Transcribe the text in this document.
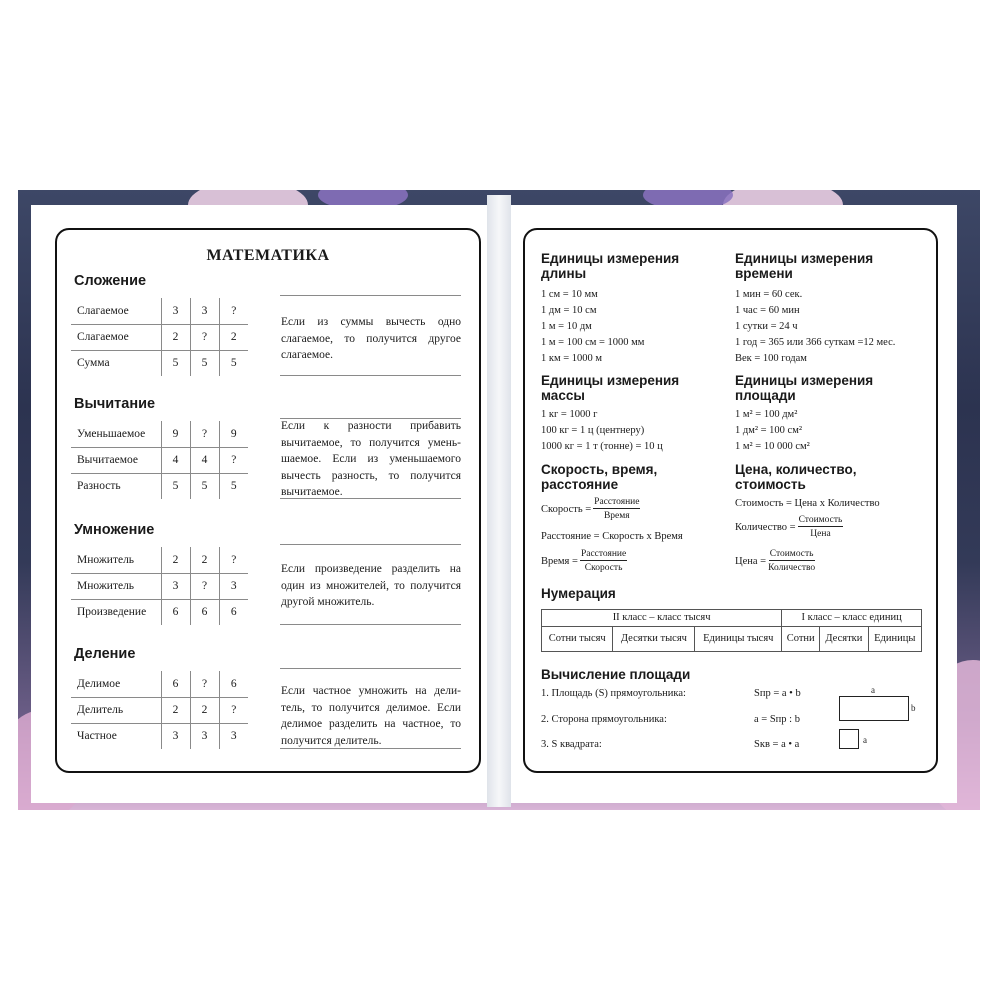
МАТЕМАТИКА
Сложение
Слагаемое	3	3	?
Слагаемое	2	?	2
Сумма	5	5	5
Если из суммы вычесть одно слагаемое, то получится другое слагаемое.
Вычитание
Уменьшаемое	9	?	9
Вычитаемое	4	4	?
Разность	5	5	5
Если к разности прибавить вычитаемое, то получится уменьшаемое. Если из уменьшаемого вычесть разность, то получится вычитаемое.
Умножение
Множитель	2	2	?
Множитель	3	?	3
Произведение	6	6	6
Если произведение разделить на один из множителей, то получится другой множитель.
Деление
Делимое	6	?	6
Делитель	2	2	?
Частное	3	3	3
Если частное умножить на делитель, то получится делимое. Если делимое разделить на частное, то получится делитель.
Единицы измерения
длины
1 см = 10 мм
1 дм = 10 см
1 м = 10 дм
1 м = 100 см = 1000 мм
1 км = 1000 м
Единицы измерения
времени
1 мин = 60 сек.
1 час = 60 мин
1 сутки = 24 ч
1 год = 365 или 366 суткам =12 мес.
Век = 100 годам
Единицы измерения
массы
1 кг = 1000 г
100 кг = 1 ц (центнеру)
1000 кг = 1 т (тонне) = 10 ц
Единицы измерения
площади
1 м² = 100 дм²
1 дм² = 100 см²
1 м² = 10 000 см²
Скорость, время,
расстояние
Скорость = $\frac{\text{Расстояние}}{\text{Время}}$
Расстояние = Скорость х Время
Время = $\frac{\text{Расстояние}}{\text{Скорость}}$
Цена, количество,
стоимость
Стоимость = Цена х Количество
Количество = $\frac{\text{Стоимость}}{\text{Цена}}$
Цена = $\frac{\text{Стоимость}}{\text{Количество}}$
Нумерация
II класс – класс тысяч			I класс – класс единиц		
Сотни тысяч	Десятки тысяч	Единицы тысяч	Сотни	Десятки	Единицы
Вычисление площади
1. Площадь (S) прямоугольника:	Sпр = a • b
2. Сторона прямоугольника:	a = Sпр : b
3. S квадрата:	Sкв = a • a
a
b
a
